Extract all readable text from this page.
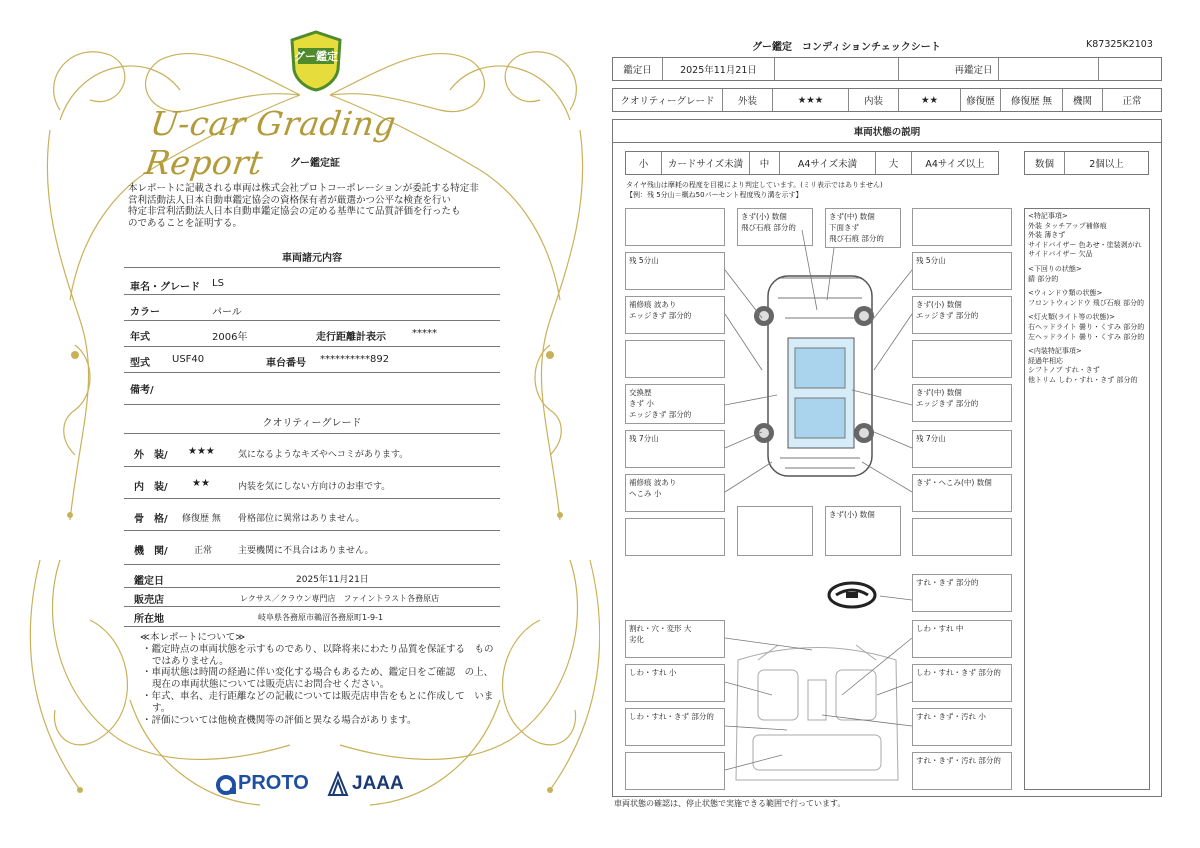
グー鑑定
U-car Grading Report	グー鑑定証
本レポートに記載される車両は株式会社プロトコーポレーションが委託する特定非
営利活動法人日本自動車鑑定協会の資格保有者が厳選かつ公平な検査を行い
特定非営利活動法人日本自動車鑑定協会の定める基準にて品質評価を行ったも
のであることを証明する。
車両諸元内容
車名・グレード LS
カラー	パール
年式	2006年	走行距離計表示	*****
型式 USF40	車台番号 **********892
備考/
クオリティーグレード
外　装/ ★★★	気になるようなキズやヘコミがあります。
内　装/ ★★	内装を気にしない方向けのお車です。
骨　格/ 修復歴 無 骨格部位に異常はありません。
機　関/	正常	主要機関に不具合はありません。
鑑定日	2025年11月21日
販売店	レクサス／クラウン専門店　ファイントラスト各務原店
所在地	岐阜県各務原市鵜沼各務原町1-9-1
≪本レポートについて≫
・鑑定時点の車両状態を示すものであり、以降将来にわたり品質を保証する　ものではありません。
・車両状態は時間の経過に伴い変化する場合もあるため、鑑定日をご確認　の上、現在の車両状態については販売店にお問合せください。
・年式、車名、走行距離などの記載については販売店申告をもとに作成して　います。
・評価については他検査機関等の評価と異なる場合があります。
PROTO JAAA
グー鑑定　コンディションチェックシート	K87325K2103
鑑定日	2025年11月21日	再鑑定日
クオリティーグレード	外装	★★★	内装	★★	修復歴	修復歴 無	機関	正常
車両状態の説明
小	カードサイズ未満	中	A4サイズ未満	大	A4サイズ以上	数個	2個以上
タイヤ残山は摩耗の程度を目視により判定しています。(ミリ表示ではありません)
【例：残 5分山＝概ね50パーセント程度残り溝を示す】
<特記事項>
外装 タッチアップ補修痕
外装 薄きず
サイドバイザー 色あせ・塗装剥がれ
サイドバイザー 欠品
<下回りの状態>
錆 部分的
<ウィンドウ類の状態>
フロントウィンドウ 飛び石痕 部分的
<灯火類(ライト等の状態)>
右ヘッドライト 曇り・くすみ 部分的
左ヘッドライト 曇り・くすみ 部分的
<内装特記事項>
経過年相応
シフトノブ すれ・きず
他トリム しわ・すれ・きず 部分的
きず(小) 数個
飛び石痕 部分的
きず(中) 数個
下面きず
飛び石痕 部分的
残 5分山	残 5分山
補修痕 波あり
エッジきず 部分的
きず(小) 数個
エッジきず 部分的
交換歴
きず 小
エッジきず 部分的
きず(中) 数個
エッジきず 部分的
残 7分山	残 7分山
補修痕 波あり
へこみ 小
きず・へこみ(中) 数個
きず(小) 数個
すれ・きず 部分的
割れ・穴・変形 大
劣化
しわ・すれ 中
しわ・すれ 小	しわ・すれ・きず 部分的
しわ・すれ・きず 部分的	すれ・きず・汚れ 小
すれ・きず・汚れ 部分的
車両状態の確認は、停止状態で実施できる範囲で行っています。
